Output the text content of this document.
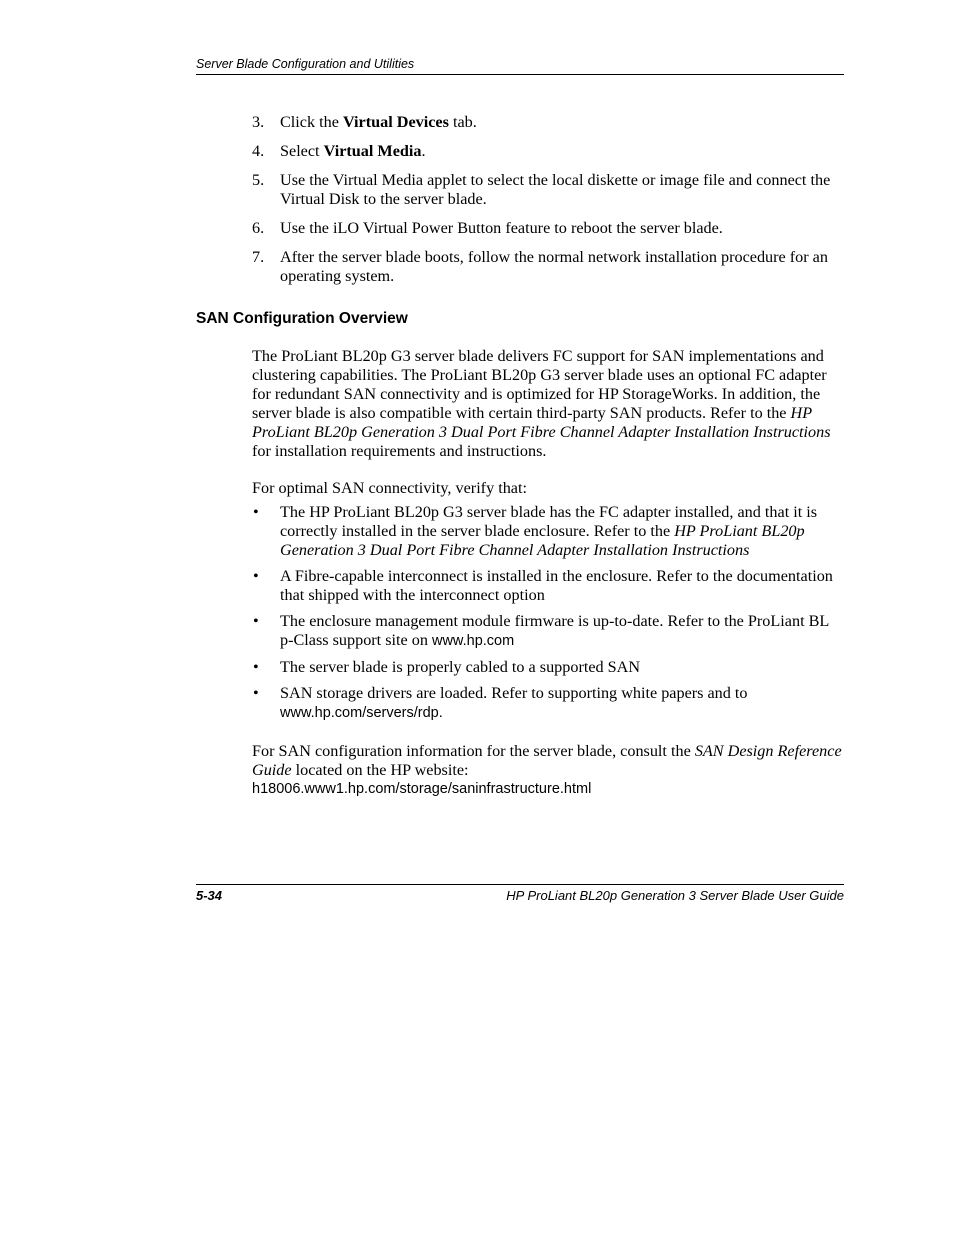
Server Blade Configuration and Utilities
3. Click the Virtual Devices tab.
4. Select Virtual Media.
5. Use the Virtual Media applet to select the local diskette or image file and connect the Virtual Disk to the server blade.
6. Use the iLO Virtual Power Button feature to reboot the server blade.
7. After the server blade boots, follow the normal network installation procedure for an operating system.
SAN Configuration Overview

The ProLiant BL20p G3 server blade delivers FC support for SAN implementations and clustering capabilities. The ProLiant BL20p G3 server blade uses an optional FC adapter for redundant SAN connectivity and is optimized for HP StorageWorks. In addition, the server blade is also compatible with certain third-party SAN products. Refer to the HP ProLiant BL20p Generation 3 Dual Port Fibre Channel Adapter Installation Instructions for installation requirements and instructions.

For optimal SAN connectivity, verify that:

• The HP ProLiant BL20p G3 server blade has the FC adapter installed, and that it is correctly installed in the server blade enclosure. Refer to the HP ProLiant BL20p Generation 3 Dual Port Fibre Channel Adapter Installation Instructions
• A Fibre-capable interconnect is installed in the enclosure. Refer to the documentation that shipped with the interconnect option
• The enclosure management module firmware is up-to-date. Refer to the ProLiant BL p-Class support site on www.hp.com
• The server blade is properly cabled to a supported SAN
• SAN storage drivers are loaded. Refer to supporting white papers and to www.hp.com/servers/rdp.

For SAN configuration information for the server blade, consult the SAN Design Reference Guide located on the HP website:

h18006.www1.hp.com/storage/saninfrastructure.html

5-34	HP ProLiant BL20p Generation 3 Server Blade User Guide
